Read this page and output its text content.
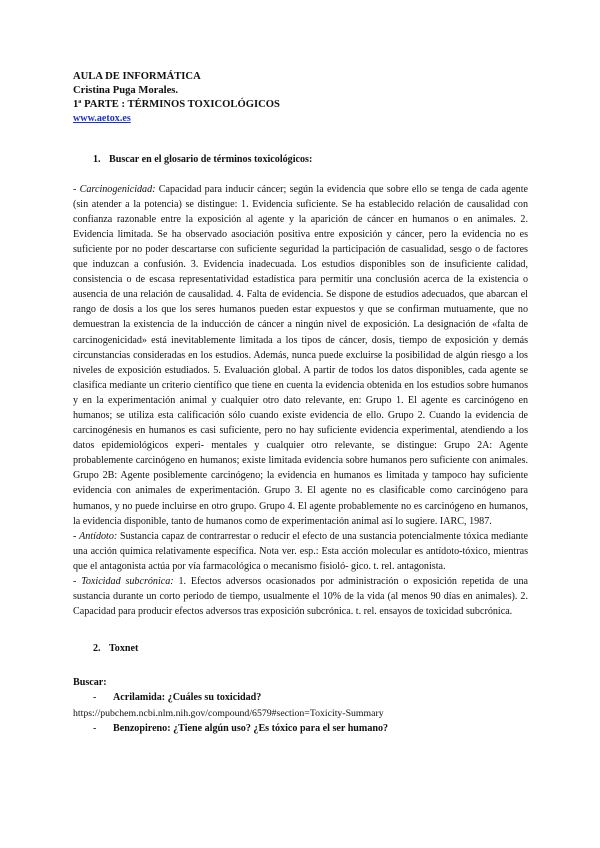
AULA DE INFORMÁTICA
Cristina Puga Morales.
1ª PARTE : TÉRMINOS TOXICOLÓGICOS
www.aetox.es
1. Buscar en el glosario de términos toxicológicos:

- Carcinogenicidad: Capacidad para inducir cáncer; según la evidencia que sobre ello se tenga de cada agente (sin atender a la potencia) se distingue: 1. Evidencia suficiente. Se ha establecido relación de causalidad con confianza razonable entre la exposición al agente y la aparición de cáncer en humanos o en animales. 2. Evidencia limitada. Se ha observado asociación positiva entre exposición y cáncer, pero la evidencia no es suficiente por no poder descartarse con suficiente seguridad la participación de casualidad, sesgo o de factores que induzcan a confusión. 3. Evidencia inadecuada. Los estudios disponibles son de insuficiente calidad, consistencia o de escasa representatividad estadística para permitir una conclusión acerca de la existencia o ausencia de una relación de causalidad. 4. Falta de evidencia. Se dispone de estudios adecuados, que abarcan el rango de dosis a los que los seres humanos pueden estar expuestos y que se confirman mutuamente, que no demuestran la existencia de la inducción de cáncer a ningún nivel de exposición. La designación de «falta de carcinogenicidad» está inevitablemente limitada a los tipos de cáncer, dosis, tiempo de exposición y demás circunstancias consideradas en los estudios. Además, nunca puede excluirse la posibilidad de algún riesgo a los niveles de exposición estudiados. 5. Evaluación global. A partir de todos los datos disponibles, cada agente se clasifica mediante un criterio científico que tiene en cuenta la evidencia obtenida en los estudios sobre humanos y en la experimentación animal y cualquier otro dato relevante, en: Grupo 1. El agente es carcinógeno en humanos; se utiliza esta calificación sólo cuando existe evidencia de ello. Grupo 2. Cuando la evidencia de carcinogénesis en humanos es casi suficiente, pero no hay suficiente evidencia experimental, atendiendo a los datos epidemiológicos experi- mentales y cualquier otro relevante, se distingue: Grupo 2A: Agente probablemente carcinógeno en humanos; existe limitada evidencia sobre humanos pero suficiente con animales. Grupo 2B: Agente posiblemente carcinógeno; la evidencia en humanos es limitada y tampoco hay suficiente evidencia con animales de experimentación. Grupo 3. El agente no es clasificable como carcinógeno para humanos, y no puede incluirse en otro grupo. Grupo 4. El agente probablemente no es carcinógeno en humanos, la evidencia disponible, tanto de humanos como de experimentación animal así lo sugiere. IARC, 1987.

- Antídoto: Sustancia capaz de contrarrestar o reducir el efecto de una sustancia potencialmente tóxica mediante una acción química relativamente específica. Nota ver. esp.: Esta acción molecular es antídoto-tóxico, mientras que el antagonista actúa por vía farmacológica o mecanismo fisioló- gico. t. rel. antagonista.

- Toxicidad subcrónica: 1. Efectos adversos ocasionados por administración o exposición repetida de una sustancia durante un corto periodo de tiempo, usualmente el 10% de la vida (al menos 90 días en animales). 2. Capacidad para producir efectos adversos tras exposición subcrónica. t. rel. ensayos de toxicidad subcrónica.

2. Toxnet
Buscar:
- Acrilamida: ¿Cuáles su toxicidad?
https://pubchem.ncbi.nlm.nih.gov/compound/6579#section=Toxicity-Summary
- Benzopireno: ¿Tiene algún uso? ¿Es tóxico para el ser humano?
